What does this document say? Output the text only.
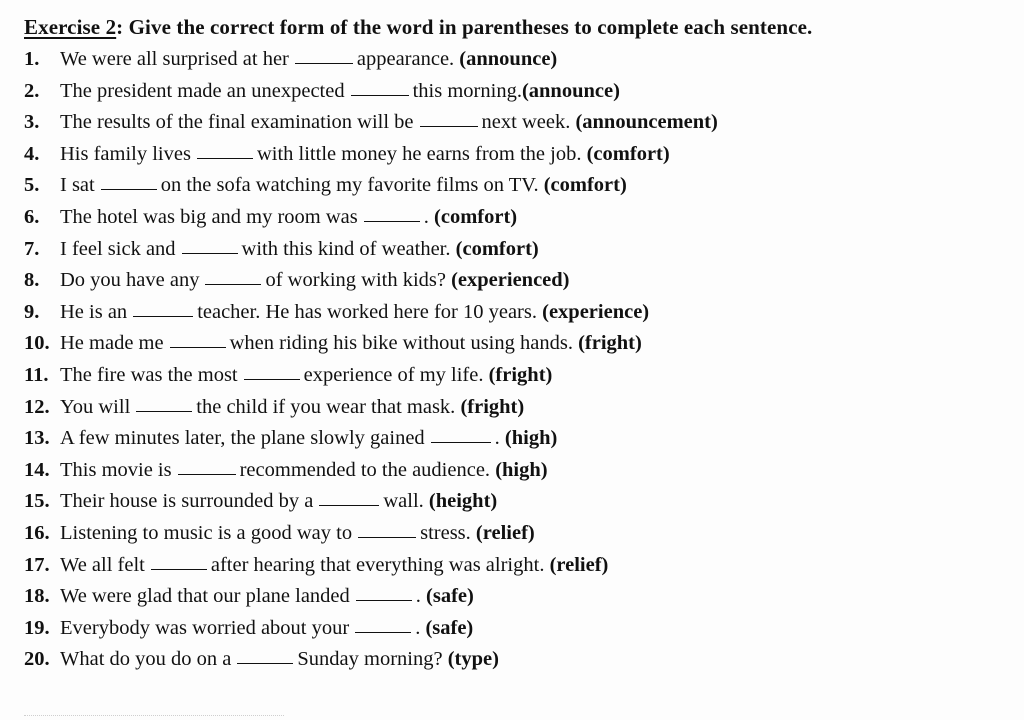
Exercise 2: Give the correct form of the word in parentheses to complete each sentence.
1.	We were all surprised at her	appearance. (announce)
2.	The president made an unexpected	this morning.(announce)
3.	The results of the final examination will be	next week. (announcement)
4.	His family lives	with little money he earns from the job. (comfort)
5.	I sat	on the sofa watching my favorite films on TV. (comfort)
6.	The hotel was big and my room was	. (comfort)
7.	I feel sick and	with this kind of weather. (comfort)
8.	Do you have any	of working with kids? (experienced)
9.	He is an	teacher. He has worked here for 10 years. (experience)
10. He made me	when riding his bike without using hands. (fright)
11. The fire was the most	experience of my life. (fright)
12. You will	the child if you wear that mask. (fright)
13. A few minutes later, the plane slowly gained	. (high)
14. This movie is	recommended to the audience. (high)
15. Their house is surrounded by a	wall. (height)
16. Listening to music is a good way to	stress. (relief)
17. We all felt	after hearing that everything was alright. (relief)
18. We were glad that our plane landed	. (safe)
19. Everybody was worried about your	. (safe)
20. What do you do on a	Sunday morning? (type)
